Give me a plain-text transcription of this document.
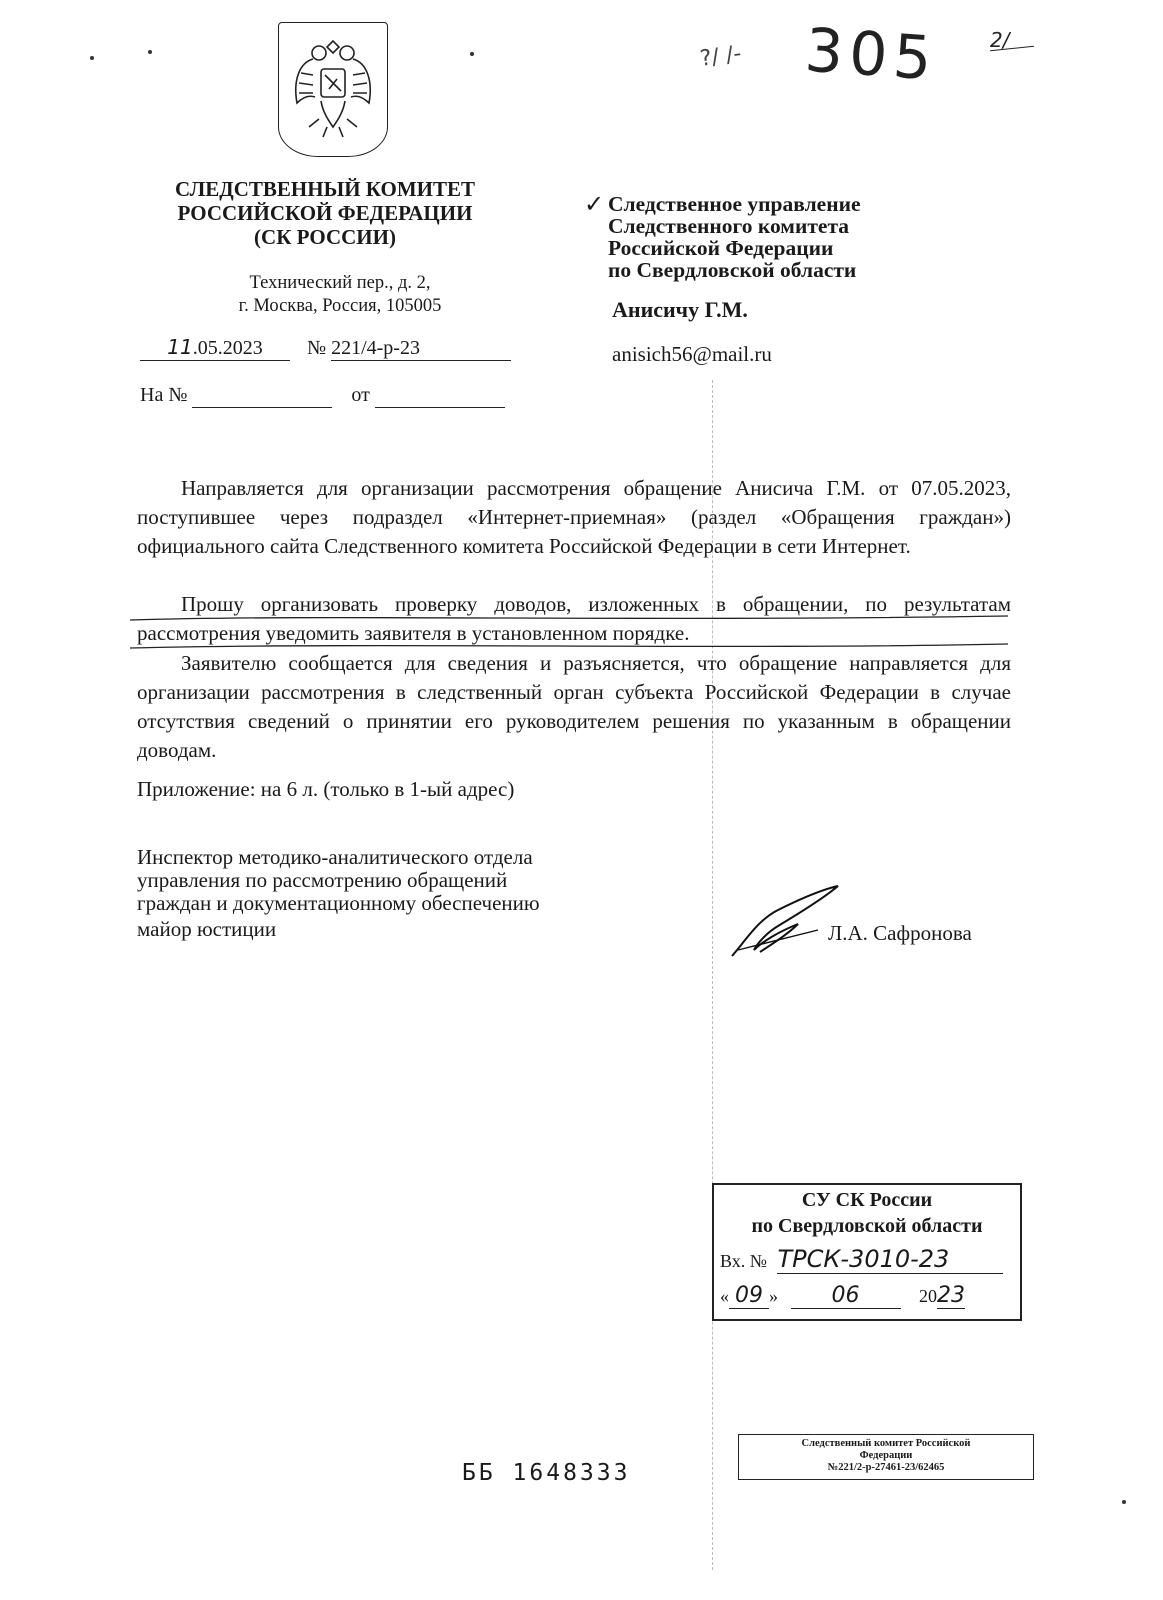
?/ /- 305	2/
СЛЕДСТВЕННЫЙ КОМИТЕТ
РОССИЙСКОЙ ФЕДЕРАЦИИ
(СК РОССИИ)
Технический пер., д. 2,
г. Москва, Россия, 105005
11.05.2023 № 221/4-р-23
На №	от
✓ Следственное управление
Следственного комитета
Российской Федерации
по Свердловской области
Анисичу Г.М.
anisich56@mail.ru
Направляется для организации рассмотрения обращение Анисича Г.М. от 07.05.2023, поступившее через подраздел «Интернет-приемная» (раздел «Обращения граждан») официального сайта Следственного комитета Российской Федерации в сети Интернет.
Прошу организовать проверку доводов, изложенных в обращении, по результатам рассмотрения уведомить заявителя в установленном порядке.
Заявителю сообщается для сведения и разъясняется, что обращение направляется для организации рассмотрения в следственный орган субъекта Российской Федерации в случае отсутствия сведений о принятии его руководителем решения по указанным в обращении доводам.
Приложение: на 6 л. (только в 1-ый адрес)
Инспектор методико-аналитического отдела
управления по рассмотрению обращений
граждан и документационному обеспечению
майор юстиции	Л.А. Сафронова
СУ СК России
по Свердловской области
Вх. № ТРСК-3010-23
« 09 » 06	2023
ББ 1648333
Следственный комитет Российской
Федерации
№221/2-р-27461-23/62465
